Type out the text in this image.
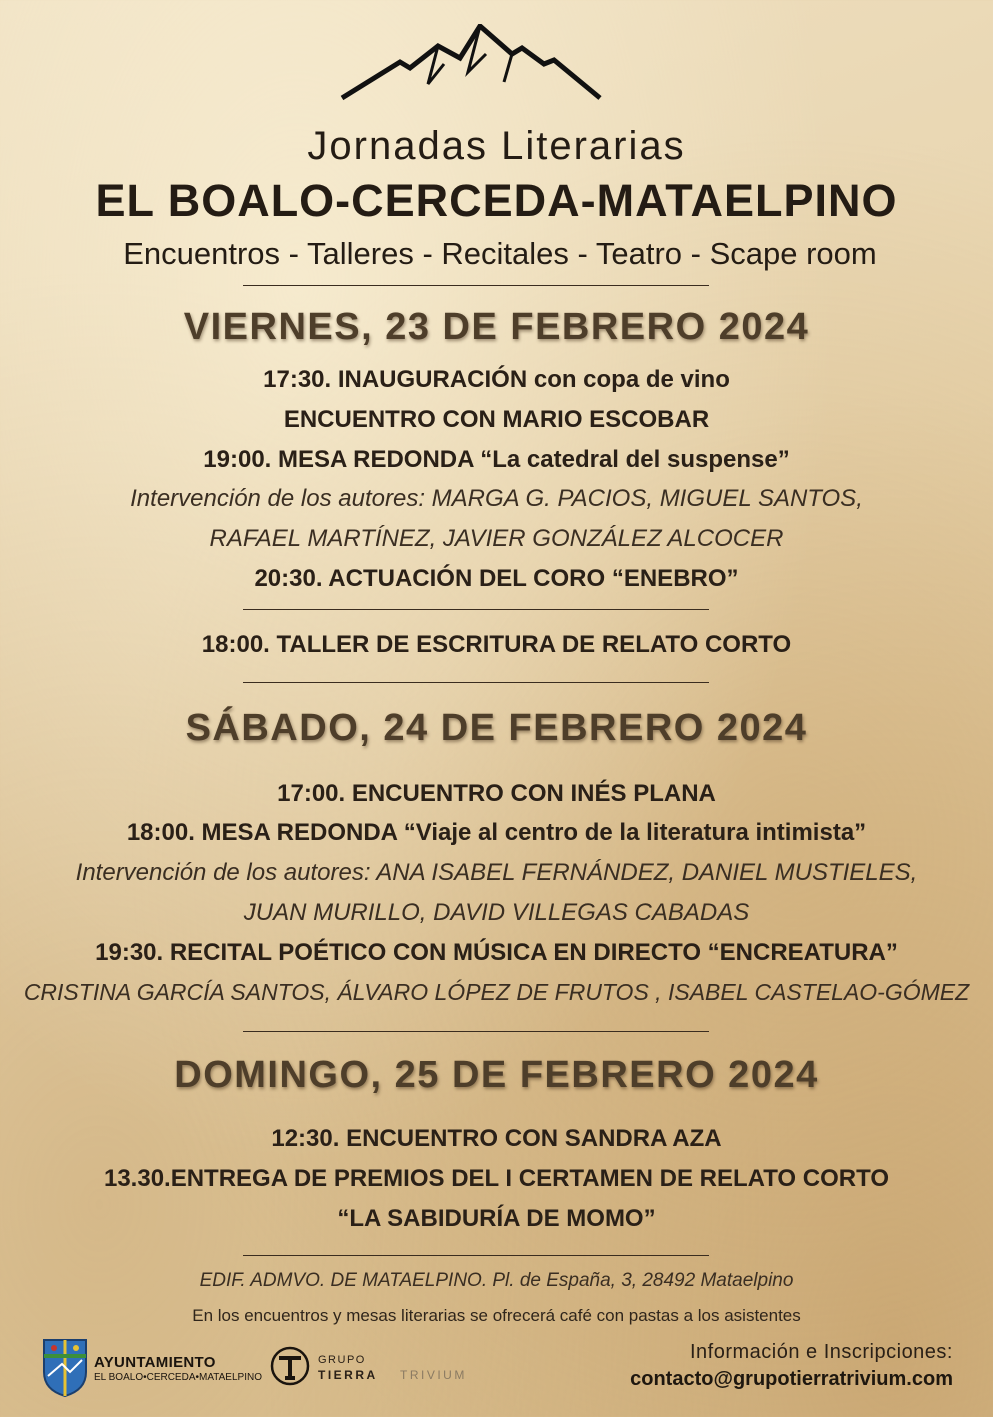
Jornadas Literarias
EL BOALO-CERCEDA-MATAELPINO
Encuentros - Talleres - Recitales - Teatro - Scape room
VIERNES, 23 DE FEBRERO 2024
17:30. INAUGURACIÓN con copa de vino
ENCUENTRO CON MARIO ESCOBAR
19:00. MESA REDONDA “La catedral del suspense”
Intervención de los autores: MARGA G. PACIOS, MIGUEL SANTOS,
RAFAEL MARTÍNEZ, JAVIER GONZÁLEZ ALCOCER
20:30. ACTUACIÓN DEL CORO “ENEBRO”
18:00. TALLER DE ESCRITURA DE RELATO CORTO
SÁBADO, 24 DE FEBRERO 2024
17:00. ENCUENTRO CON INÉS PLANA
18:00. MESA REDONDA “Viaje al centro de la literatura intimista”
Intervención de los autores: ANA ISABEL FERNÁNDEZ, DANIEL MUSTIELES,
JUAN MURILLO, DAVID VILLEGAS CABADAS
19:30. RECITAL POÉTICO CON MÚSICA EN DIRECTO “ENCREATURA”
CRISTINA GARCÍA SANTOS, ÁLVARO LÓPEZ DE FRUTOS , ISABEL CASTELAO-GÓMEZ
DOMINGO, 25 DE FEBRERO 2024
12:30. ENCUENTRO CON SANDRA AZA
13.30.ENTREGA DE PREMIOS DEL I CERTAMEN DE RELATO CORTO
“LA SABIDURÍA DE MOMO”
EDIF. ADMVO. DE MATAELPINO. Pl. de España, 3, 28492 Mataelpino
En los encuentros y mesas literarias se ofrecerá café con pastas a los asistentes
AYUNTAMIENTO
EL BOALO•CERCEDA•MATAELPINO
GRUPO
TIERRA TRIVIUM
Información e Inscripciones:
contacto@grupotierratrivium.com
